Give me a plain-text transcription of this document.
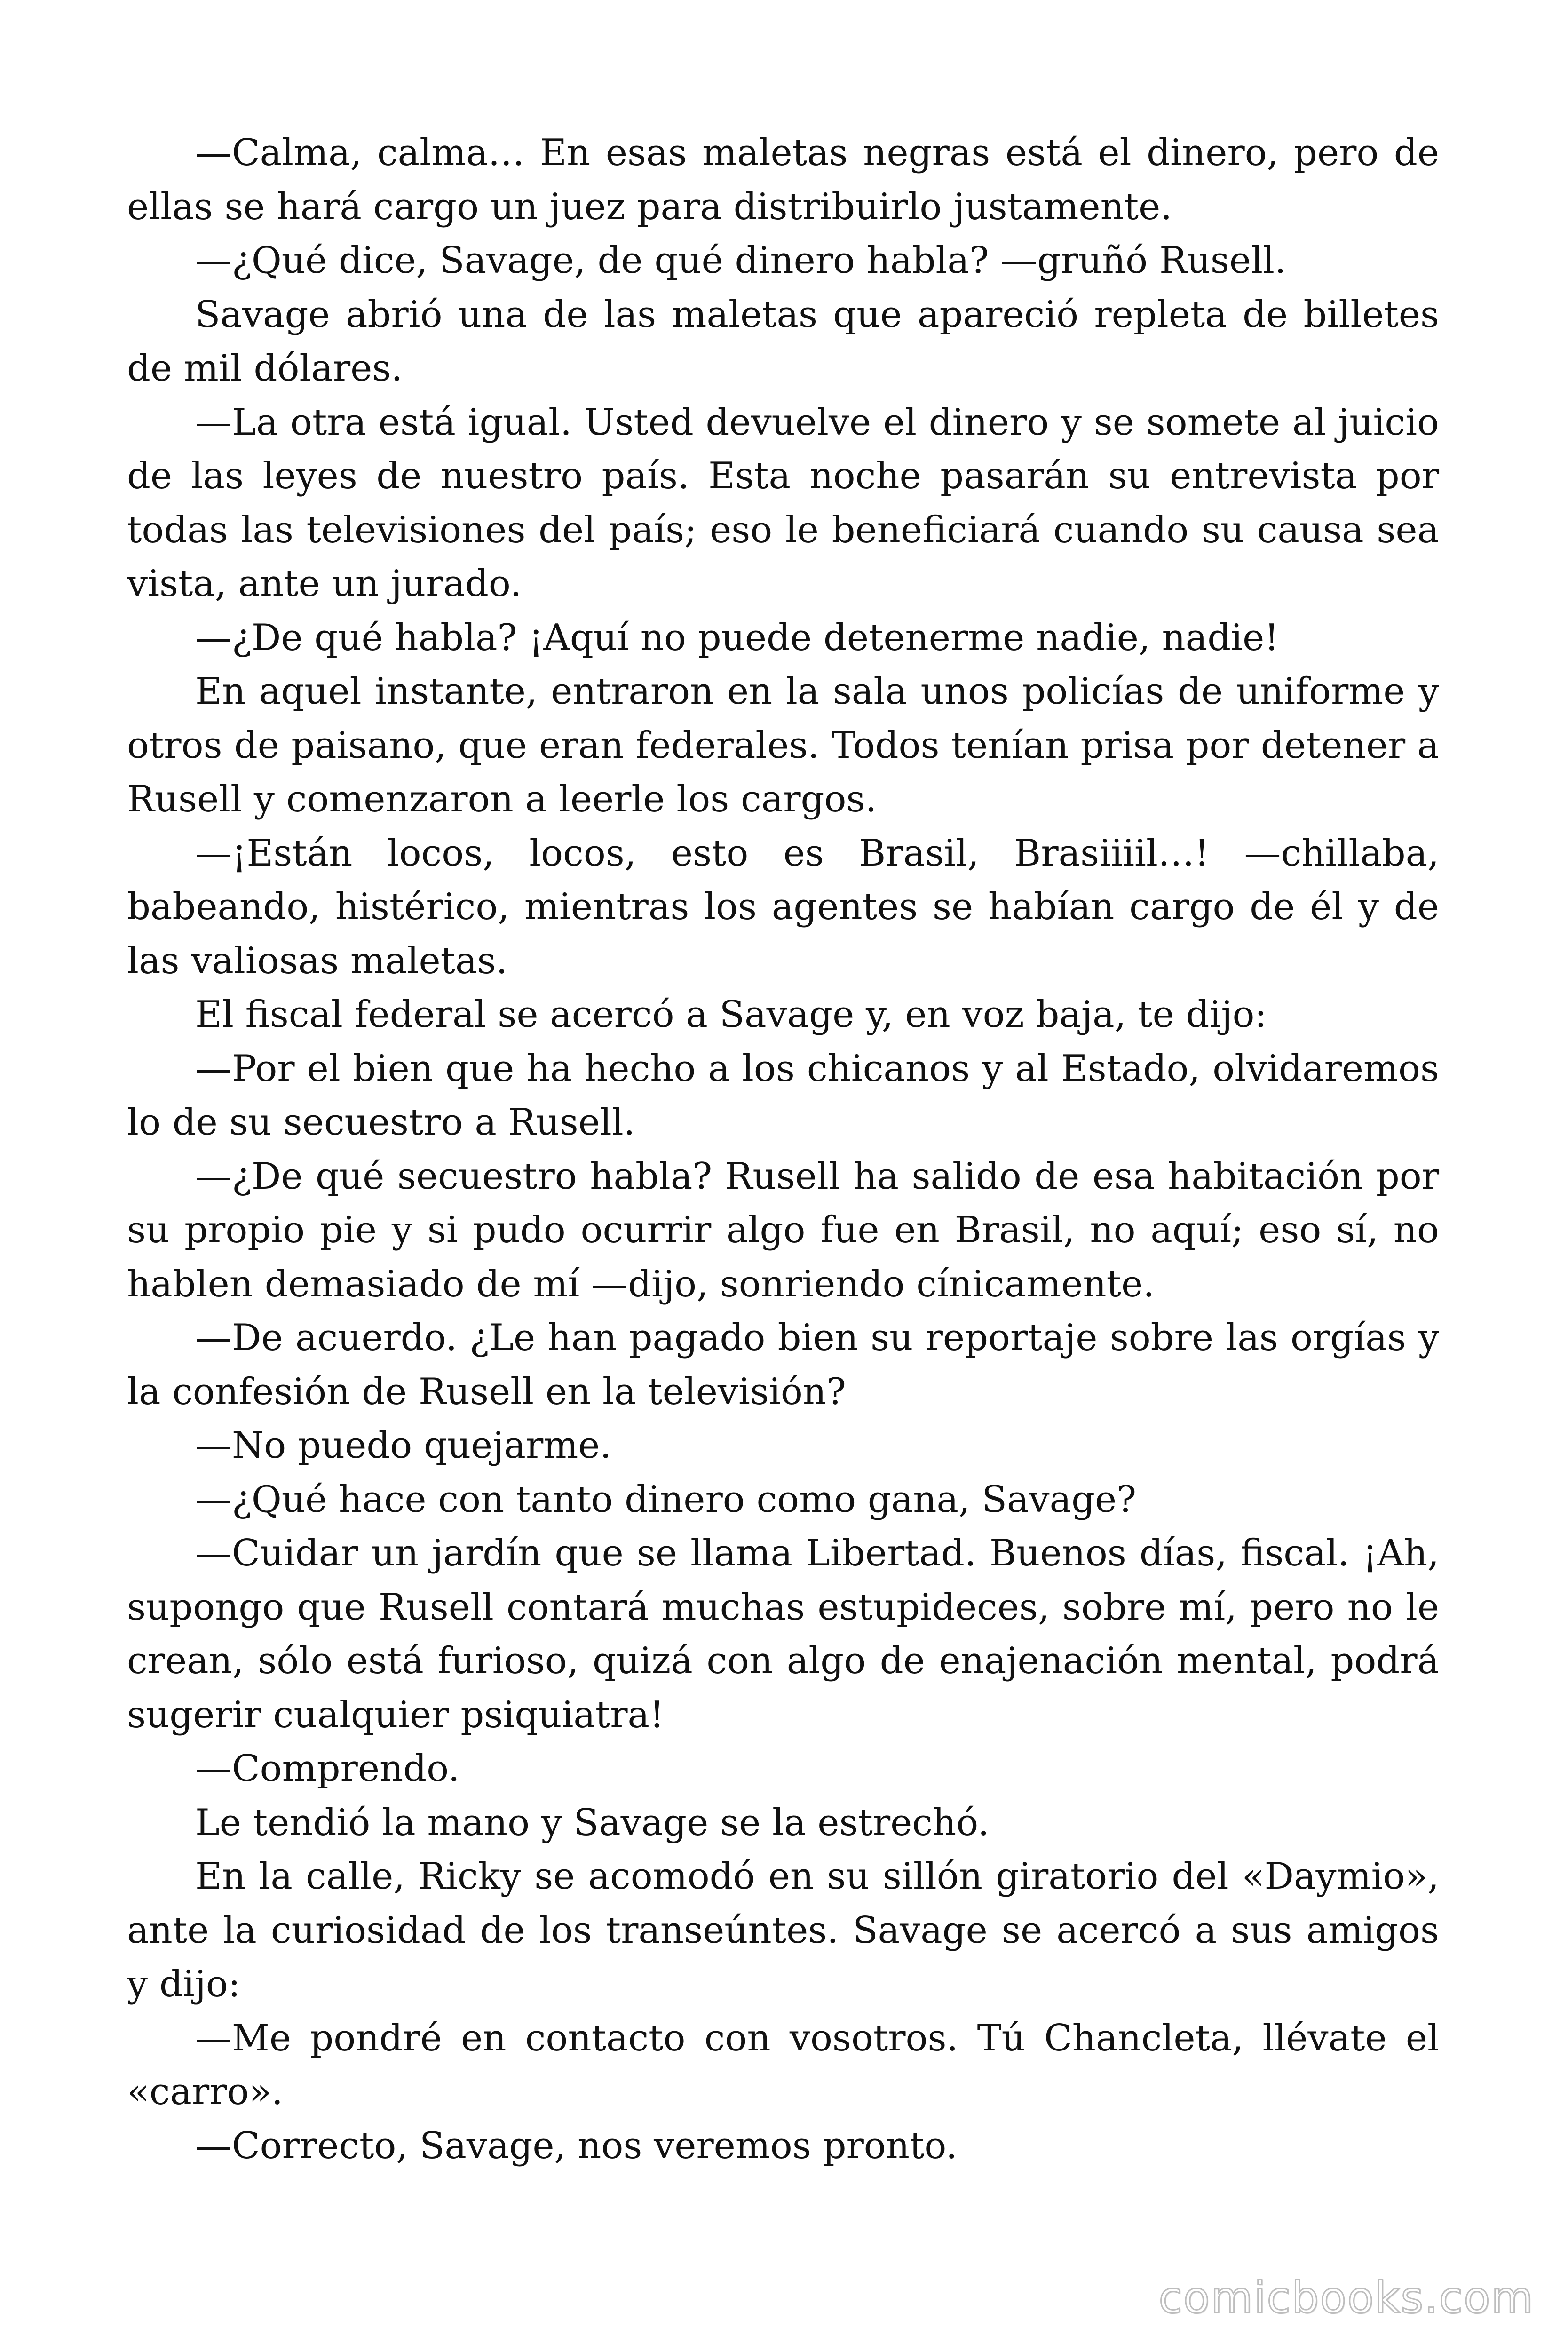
—Calma, calma… En esas maletas negras está el dinero, pero de ellas se hará cargo un juez para distribuirlo justamente.

—¿Qué dice, Savage, de qué dinero habla? —gruñó Rusell.

Savage abrió una de las maletas que apareció repleta de billetes de mil dólares.

—La otra está igual. Usted devuelve el dinero y se somete al juicio de las leyes de nuestro país. Esta noche pasarán su entrevista por todas las televisiones del país; eso le beneficiará cuando su causa sea vista, ante un jurado.

—¿De qué habla? ¡Aquí no puede detenerme nadie, nadie!

En aquel instante, entraron en la sala unos policías de uniforme y otros de paisano, que eran federales. Todos tenían prisa por detener a Rusell y comenzaron a leerle los cargos.

—¡Están locos, locos, esto es Brasil, Brasiiiil…! —chillaba, babeando, histérico, mientras los agentes se habían cargo de él y de las valiosas maletas.

El fiscal federal se acercó a Savage y, en voz baja, te dijo:

—Por el bien que ha hecho a los chicanos y al Estado, olvidaremos lo de su secuestro a Rusell.

—¿De qué secuestro habla? Rusell ha salido de esa habitación por su propio pie y si pudo ocurrir algo fue en Brasil, no aquí; eso sí, no hablen demasiado de mí —dijo, sonriendo cínicamente.

—De acuerdo. ¿Le han pagado bien su reportaje sobre las orgías y la confesión de Rusell en la televisión?

—No puedo quejarme.

—¿Qué hace con tanto dinero como gana, Savage?

—Cuidar un jardín que se llama Libertad. Buenos días, fiscal. ¡Ah, supongo que Rusell contará muchas estupideces, sobre mí, pero no le crean, sólo está furioso, quizá con algo de enajenación mental, podrá sugerir cualquier psiquiatra!

—Comprendo.

Le tendió la mano y Savage se la estrechó.

En la calle, Ricky se acomodó en su sillón giratorio del «Daymio», ante la curiosidad de los transeúntes. Savage se acercó a sus amigos y dijo:

—Me pondré en contacto con vosotros. Tú Chancleta, llévate el «carro».

—Correcto, Savage, nos veremos pronto.

comicbooks.com
